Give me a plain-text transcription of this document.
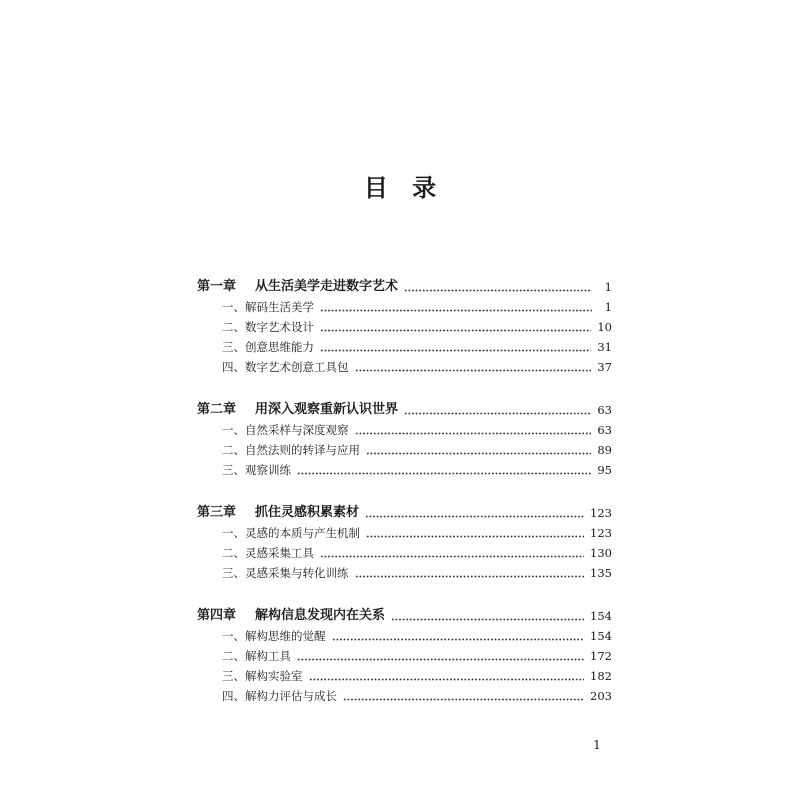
目 录
第一章	从生活美学走进数字艺术	1
一、解码生活美学	1
二、数字艺术设计	10
三、创意思维能力	31
四、数字艺术创意工具包	37
第二章	用深入观察重新认识世界	63
一、自然采样与深度观察	63
二、自然法则的转译与应用	89
三、观察训练	95
第三章	抓住灵感积累素材	123
一、灵感的本质与产生机制	123
二、灵感采集工具	130
三、灵感采集与转化训练	135
第四章	解构信息发现内在关系	154
一、解构思维的觉醒	154
二、解构工具	172
三、解构实验室	182
四、解构力评估与成长	203
1
